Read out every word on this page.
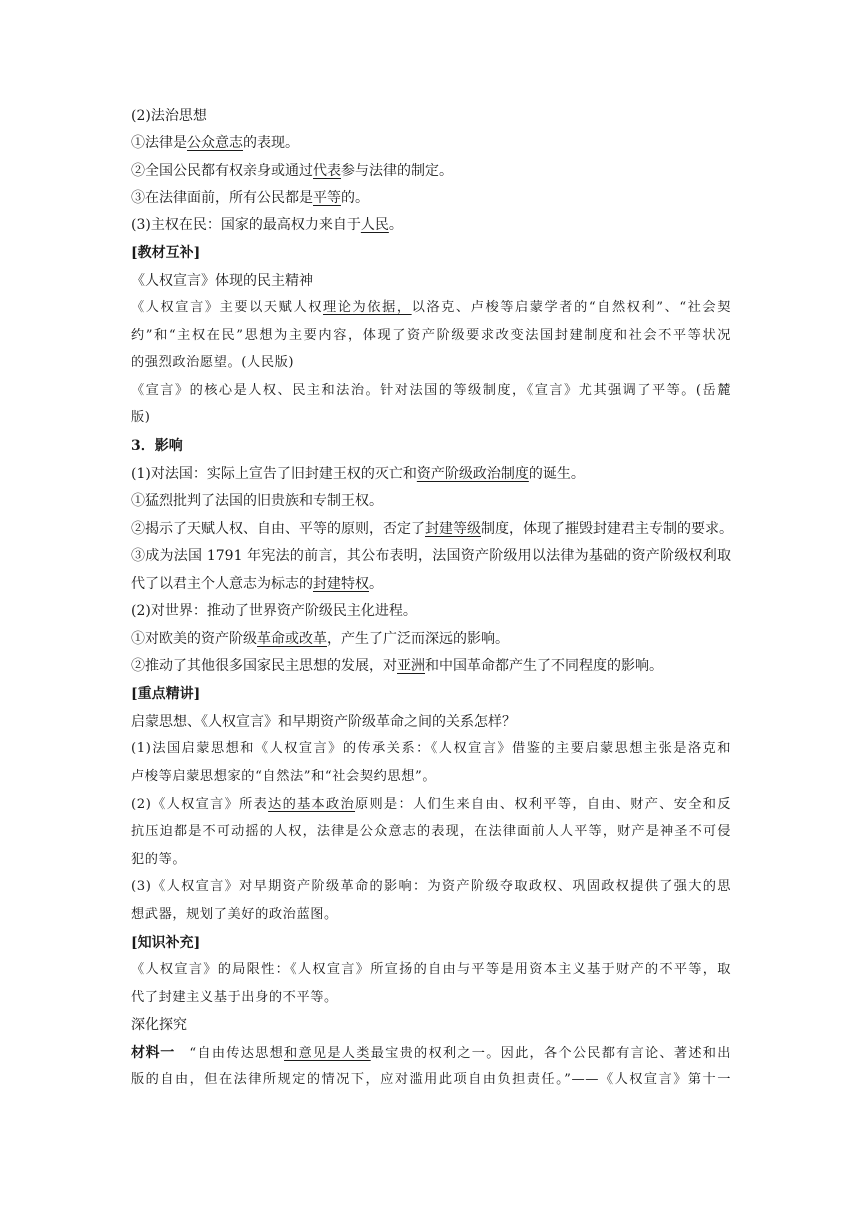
(2)法治思想
①法律是公众意志的表现。
②全国公民都有权亲身或通过代表参与法律的制定。
③在法律面前，所有公民都是平等的。
(3)主权在民：国家的最高权力来自于人民。
[教材互补]
《人权宣言》体现的民主精神
《人权宣言》主要以天赋人权理论为依据，以洛克、卢梭等启蒙学者的“自然权利”、“社会契
约”和“主权在民”思想为主要内容，体现了资产阶级要求改变法国封建制度和社会不平等状况
的强烈政治愿望。(人民版)
《宣言》的核心是人权、民主和法治。针对法国的等级制度，《宣言》尤其强调了平等。(岳麓
版)
3．影响
(1)对法国：实际上宣告了旧封建王权的灭亡和资产阶级政治制度的诞生。
①猛烈批判了法国的旧贵族和专制王权。
②揭示了天赋人权、自由、平等的原则，否定了封建等级制度，体现了摧毁封建君主专制的要求。
③成为法国 1791 年宪法的前言，其公布表明，法国资产阶级用以法律为基础的资产阶级权利取
代了以君主个人意志为标志的封建特权。
(2)对世界：推动了世界资产阶级民主化进程。
①对欧美的资产阶级革命或改革，产生了广泛而深远的影响。
②推动了其他很多国家民主思想的发展，对亚洲和中国革命都产生了不同程度的影响。
[重点精讲]
启蒙思想、《人权宣言》和早期资产阶级革命之间的关系怎样？
(1)法国启蒙思想和《人权宣言》的传承关系：《人权宣言》借鉴的主要启蒙思想主张是洛克和
卢梭等启蒙思想家的“自然法”和“社会契约思想”。
(2)《人权宣言》所表达的基本政治原则是：人们生来自由、权利平等，自由、财产、安全和反
抗压迫都是不可动摇的人权，法律是公众意志的表现，在法律面前人人平等，财产是神圣不可侵
犯的等。
(3)《人权宣言》对早期资产阶级革命的影响：为资产阶级夺取政权、巩固政权提供了强大的思
想武器，规划了美好的政治蓝图。
[知识补充]
《人权宣言》的局限性：《人权宣言》所宣扬的自由与平等是用资本主义基于财产的不平等，取
代了封建主义基于出身的不平等。
深化探究
材料一　“自由传达思想和意见是人类最宝贵的权利之一。因此，各个公民都有言论、著述和出
版的自由，但在法律所规定的情况下，应对滥用此项自由负担责任。”——《人权宣言》第十一
